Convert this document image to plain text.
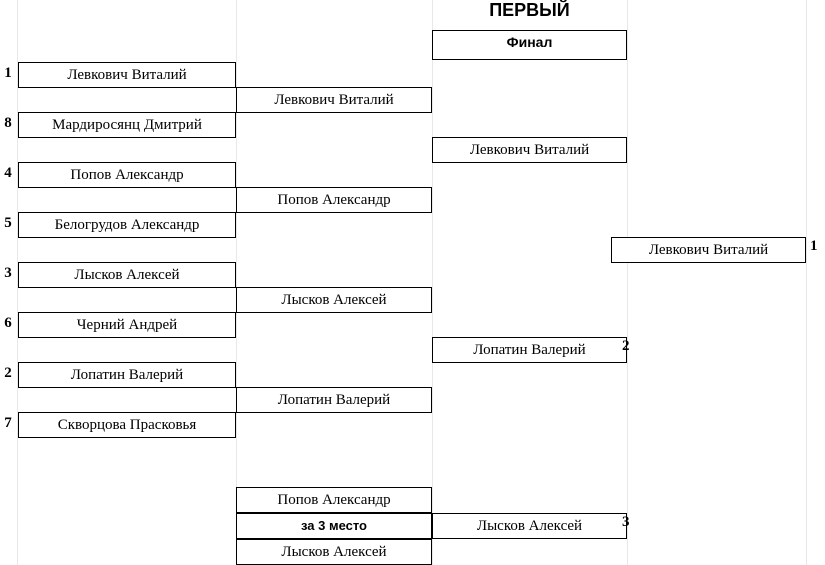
ПЕРВЫЙ
Финал
1
8
4
5
3
6
2
7
Левкович Виталий
Мардиросянц Дмитрий
Попов Александр
Белогрудов Александр
Лысков Алексей
Черний Андрей
Лопатин Валерий
Скворцова Прасковья
Левкович Виталий
Попов Александр
Лысков Алексей
Лопатин Валерий
Левкович Виталий
Лопатин Валерий	2
Левкович Виталий	1
Попов Александр
за 3 место
Лысков Алексей
Лысков Алексей	3
